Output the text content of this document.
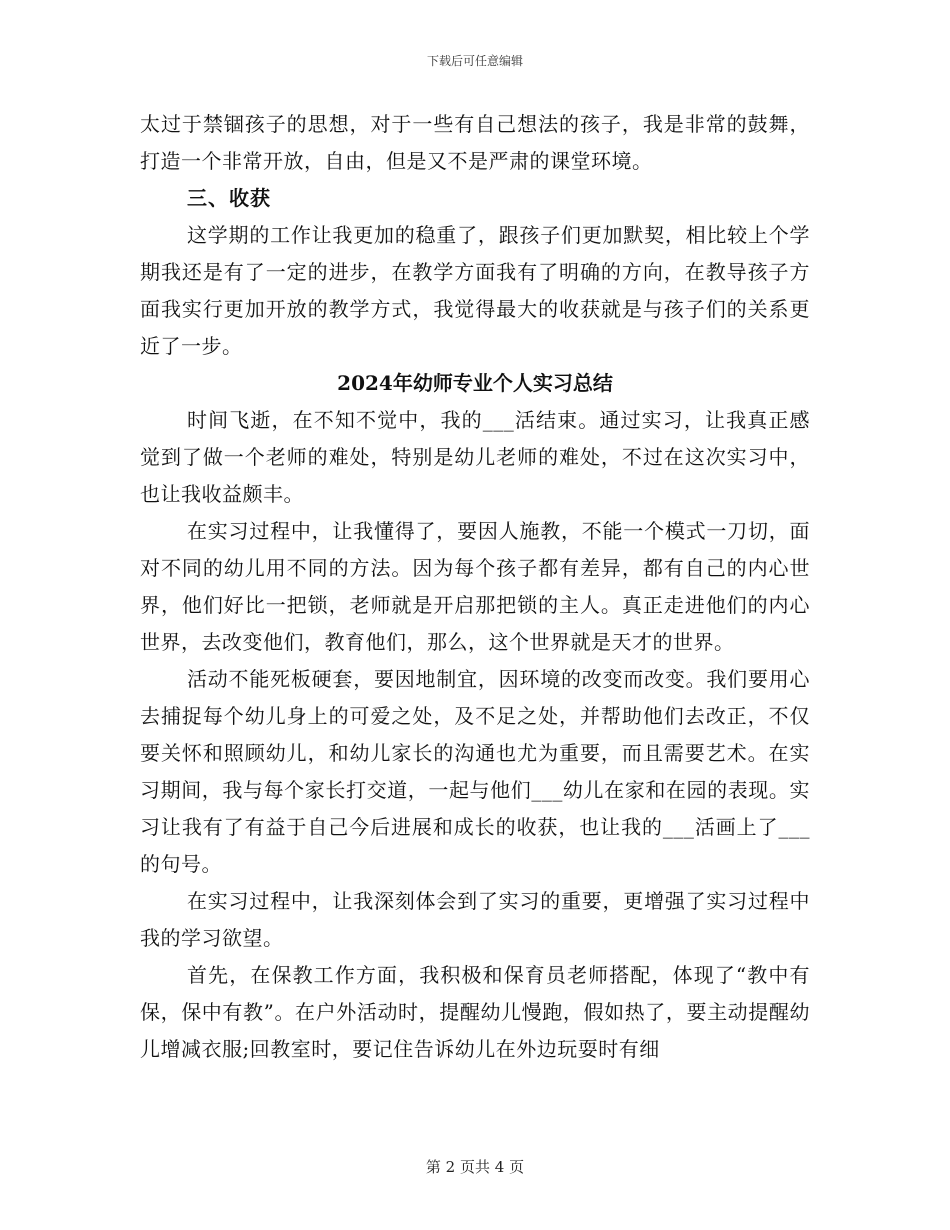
下载后可任意编辑

太过于禁锢孩子的思想，对于一些有自己想法的孩子，我是非常的鼓舞，打造一个非常开放，自由，但是又不是严肃的课堂环境。

三、收获

这学期的工作让我更加的稳重了，跟孩子们更加默契，相比较上个学期我还是有了一定的进步，在教学方面我有了明确的方向，在教导孩子方面我实行更加开放的教学方式，我觉得最大的收获就是与孩子们的关系更近了一步。

2024年幼师专业个人实习总结

时间飞逝，在不知不觉中，我的___活结束。通过实习，让我真正感觉到了做一个老师的难处，特别是幼儿老师的难处，不过在这次实习中，也让我收益颇丰。

在实习过程中，让我懂得了，要因人施教，不能一个模式一刀切，面对不同的幼儿用不同的方法。因为每个孩子都有差异，都有自己的内心世界，他们好比一把锁，老师就是开启那把锁的主人。真正走进他们的内心世界，去改变他们，教育他们，那么，这个世界就是天才的世界。

活动不能死板硬套，要因地制宜，因环境的改变而改变。我们要用心去捕捉每个幼儿身上的可爱之处，及不足之处，并帮助他们去改正，不仅要关怀和照顾幼儿，和幼儿家长的沟通也尤为重要，而且需要艺术。在实习期间，我与每个家长打交道，一起与他们___幼儿在家和在园的表现。实习让我有了有益于自己今后进展和成长的收获，也让我的___活画上了___的句号。

在实习过程中，让我深刻体会到了实习的重要，更增强了实习过程中我的学习欲望。

首先，在保教工作方面，我积极和保育员老师搭配，体现了“教中有保，保中有教”。在户外活动时，提醒幼儿慢跑，假如热了，要主动提醒幼儿增减衣服;回教室时，要记住告诉幼儿在外边玩耍时有细

第 2 页共 4 页
